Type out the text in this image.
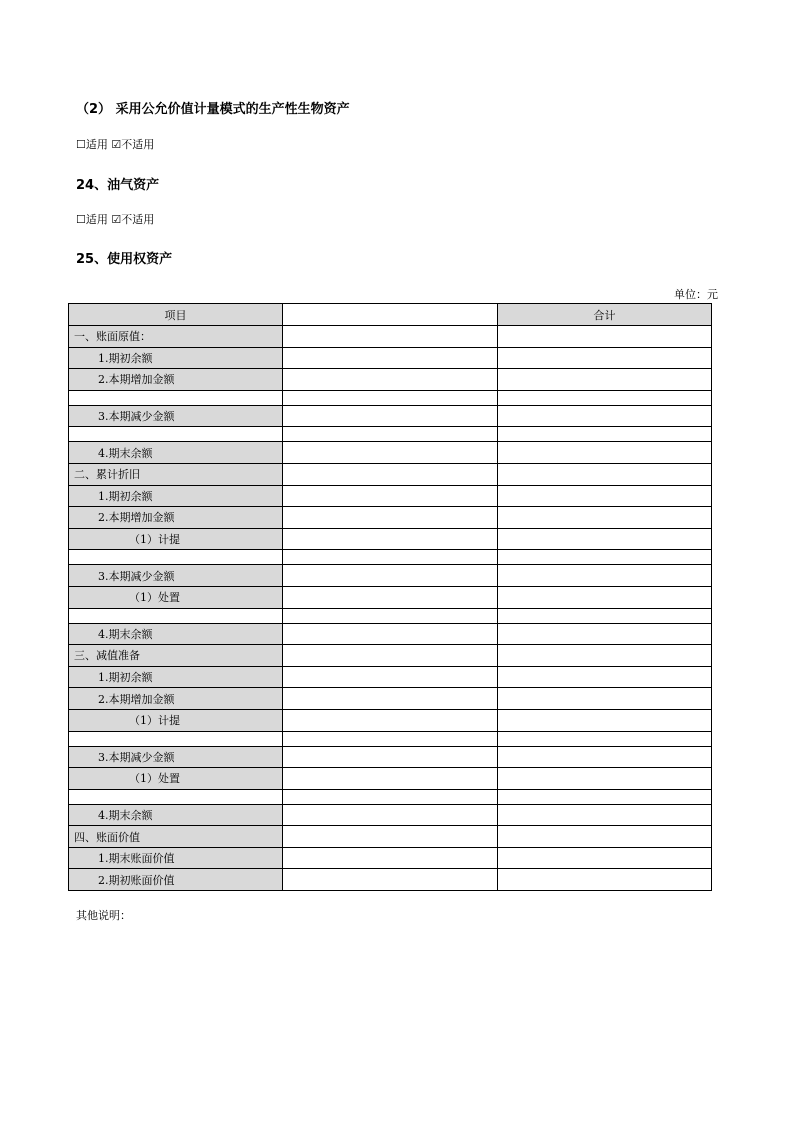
（2） 采用公允价值计量模式的生产性生物资产
☐适用 ☑不适用
24、油气资产
☐适用 ☑不适用
25、使用权资产
单位：元
项目		合计
一、账面原值：		
1.期初余额		
2.本期增加金额		

3.本期减少金额		

4.期末余额		
二、累计折旧		
1.期初余额		
2.本期增加金额		
（1）计提		

3.本期减少金额		
（1）处置		

4.期末余额		
三、减值准备		
1.期初余额		
2.本期增加金额		
（1）计提		

3.本期减少金额		
（1）处置		

4.期末余额		
四、账面价值		
1.期末账面价值		
2.期初账面价值		
其他说明：
